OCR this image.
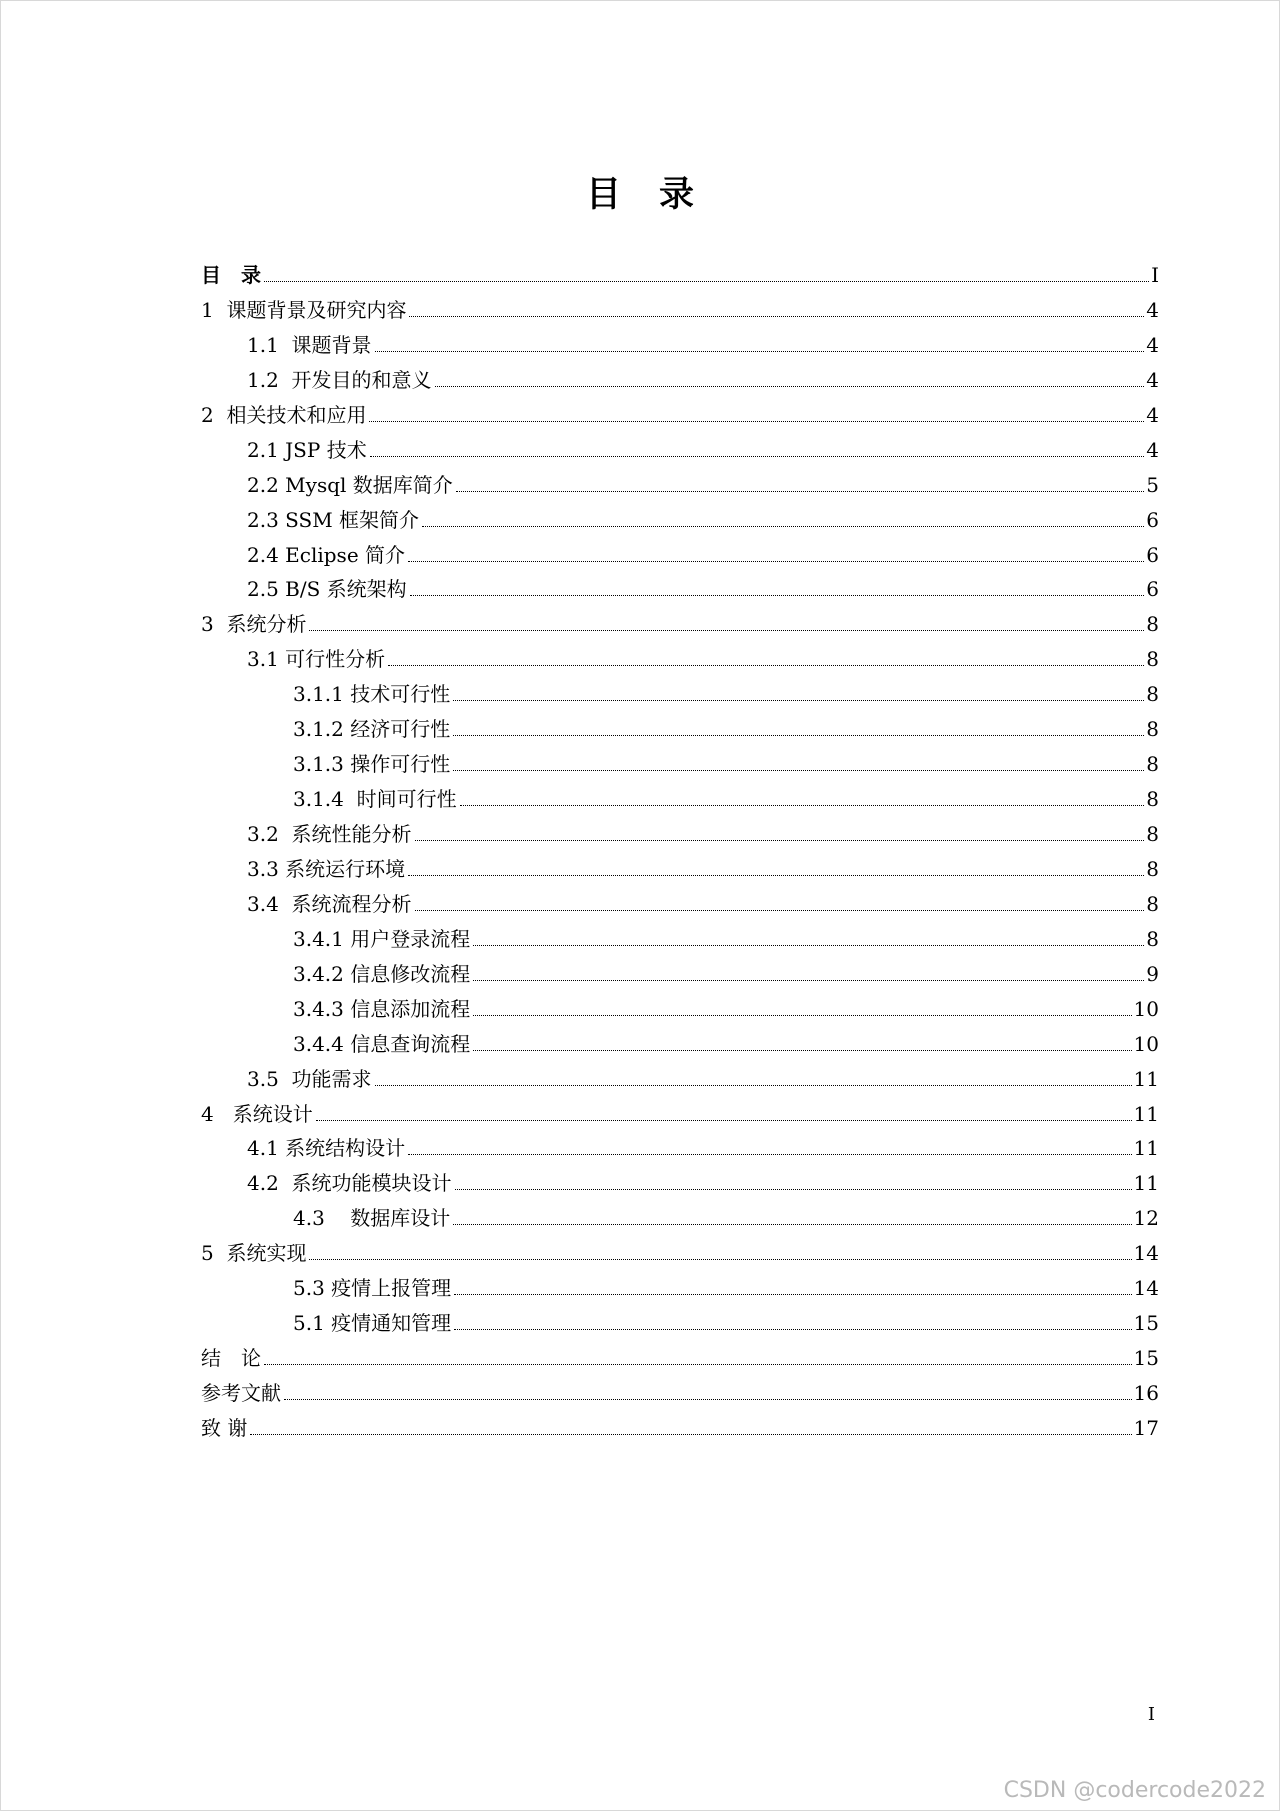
目录
目　录	I
1  课题背景及研究内容	4
1.1  课题背景	4
1.2  开发目的和意义	4
2  相关技术和应用	4
2.1 JSP 技术	4
2.2 Mysql 数据库简介	5
2.3 SSM 框架简介	6
2.4 Eclipse 简介	6
2.5 B/S 系统架构	6
3  系统分析	8
3.1 可行性分析	8
3.1.1 技术可行性	8
3.1.2 经济可行性	8
3.1.3 操作可行性	8
3.1.4  时间可行性	8
3.2  系统性能分析	8
3.3 系统运行环境	8
3.4  系统流程分析	8
3.4.1 用户登录流程	8
3.4.2 信息修改流程	9
3.4.3 信息添加流程	10
3.4.4 信息查询流程	10
3.5  功能需求	11
4   系统设计	11
4.1 系统结构设计	11
4.2  系统功能模块设计	11
4.3    数据库设计	12
5  系统实现	14
5.3 疫情上报管理	14
5.1 疫情通知管理	15
结　论	15
参考文献	16
致 谢	17
I
CSDN @codercode2022
